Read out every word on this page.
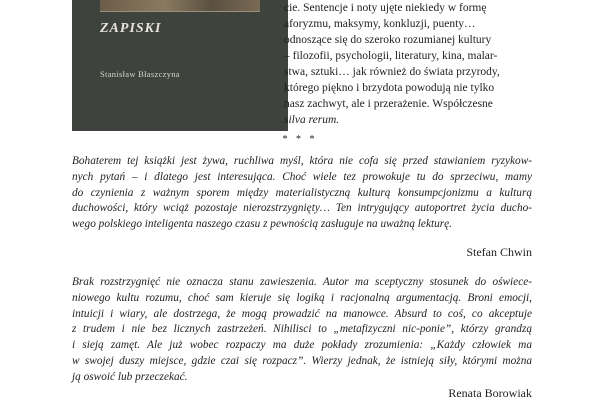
ZAPISKI
Stanisław Błaszczyna
cie. Sentencje i noty ujęte niekiedy w formę
aforyzmu, maksymy, konkluzji, puenty…
odnoszące się do szeroko rozumianej kultury
– filozofii, psychologii, literatury, kina, malar-
stwa, sztuki… jak również do świata przyrody,
którego piękno i brzydota powodują nie tylko
nasz zachwyt, ale i przerażenie. Współczesne
silva rerum.
* * *
Bohaterem tej książki jest żywa, ruchliwa myśl, która nie cofa się przed stawianiem ryzykow-
nych pytań – i dlatego jest interesująca. Choć wiele tez prowokuje tu do sprzeciwu, mamy
do czynienia z ważnym sporem między materialistyczną kulturą konsumpcjonizmu a kulturą
duchowości, który wciąż pozostaje nierozstrzygnięty… Ten intrygujący autoportret życia ducho-
wego polskiego inteligenta naszego czasu z pewnością zasługuje na uważną lekturę.
Stefan Chwin
Brak rozstrzygnięć nie oznacza stanu zawieszenia. Autor ma sceptyczny stosunek do oświece-
niowego kultu rozumu, choć sam kieruje się logiką i racjonalną argumentacją. Broni emocji,
intuicji i wiary, ale dostrzega, że mogą prowadzić na manowce. Absurd to coś, co akceptuje
z trudem i nie bez licznych zastrzeżeń. Nihilisci to „metafizyczni nic-ponie”, którzy grandzą
i sieją zamęt. Ale już wobec rozpaczy ma duże pokłady zrozumienia: „Każdy człowiek ma
w swojej duszy miejsce, gdzie czai się rozpacz”. Wierzy jednak, że istnieją siły, którymi można
ją oswoić lub przeczekać.
Renata Borowiak
